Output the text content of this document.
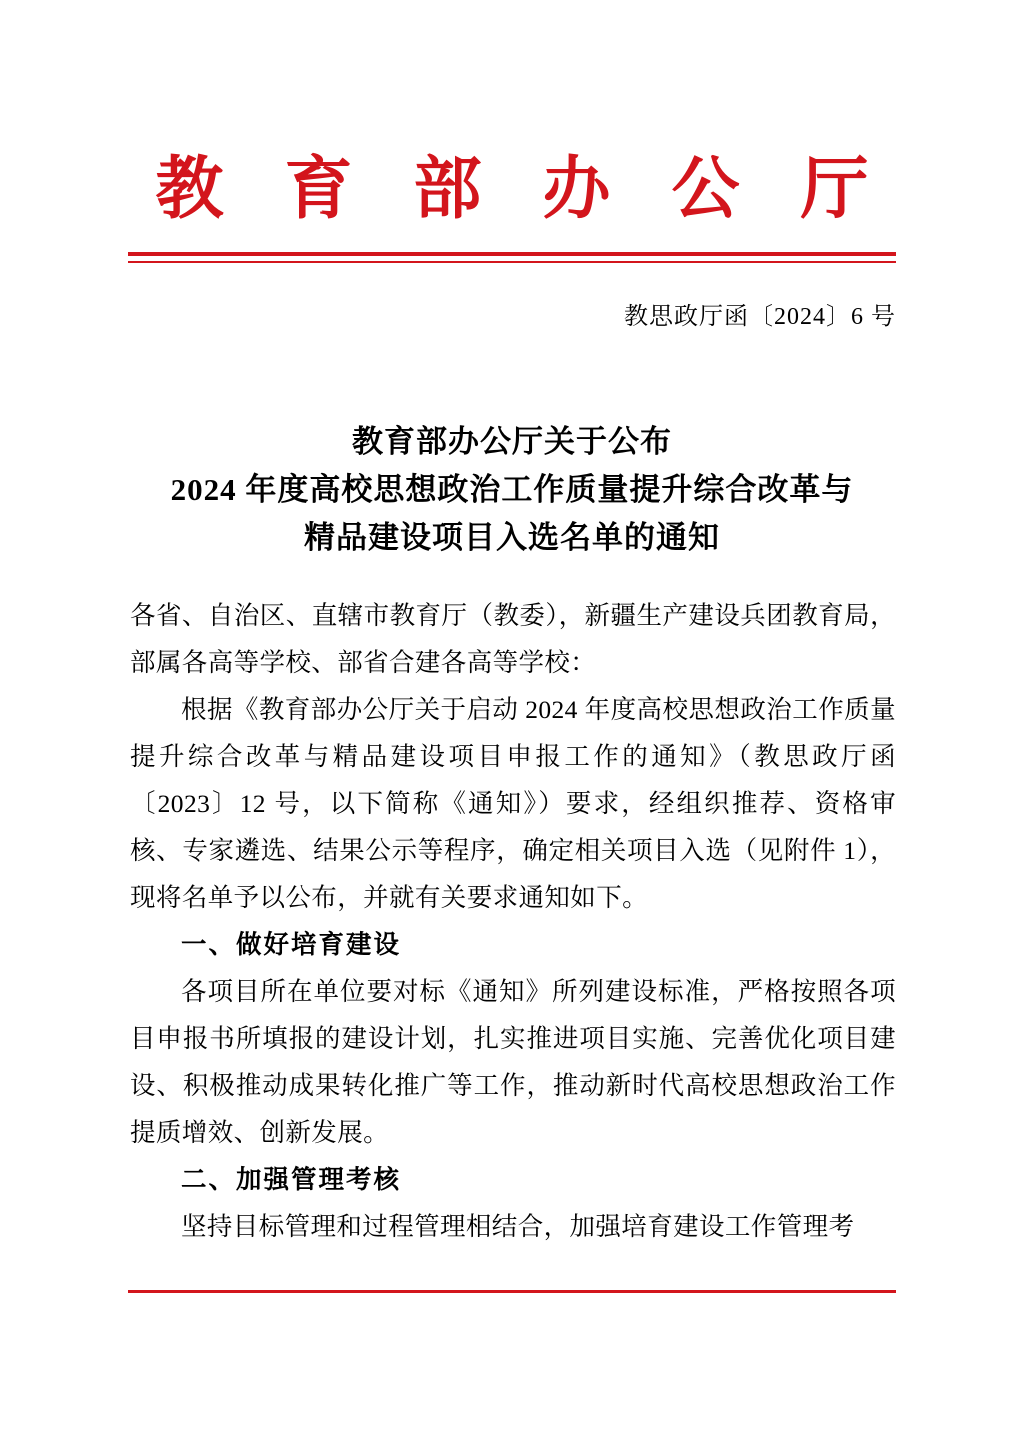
教 育 部 办 公 厅
教思政厅函〔2024〕6 号
教育部办公厅关于公布
2024 年度高校思想政治工作质量提升综合改革与
精品建设项目入选名单的通知

各省、自治区、直辖市教育厅（教委），新疆生产建设兵团教育局，部属各高等学校、部省合建各高等学校：

根据《教育部办公厅关于启动 2024 年度高校思想政治工作质量提升综合改革与精品建设项目申报工作的通知》（教思政厅函〔2023〕12 号，以下简称《通知》）要求，经组织推荐、资格审核、专家遴选、结果公示等程序，确定相关项目入选（见附件 1），现将名单予以公布，并就有关要求通知如下。

一、做好培育建设

各项目所在单位要对标《通知》所列建设标准，严格按照各项目申报书所填报的建设计划，扎实推进项目实施、完善优化项目建设、积极推动成果转化推广等工作，推动新时代高校思想政治工作提质增效、创新发展。

二、加强管理考核

坚持目标管理和过程管理相结合，加强培育建设工作管理考
